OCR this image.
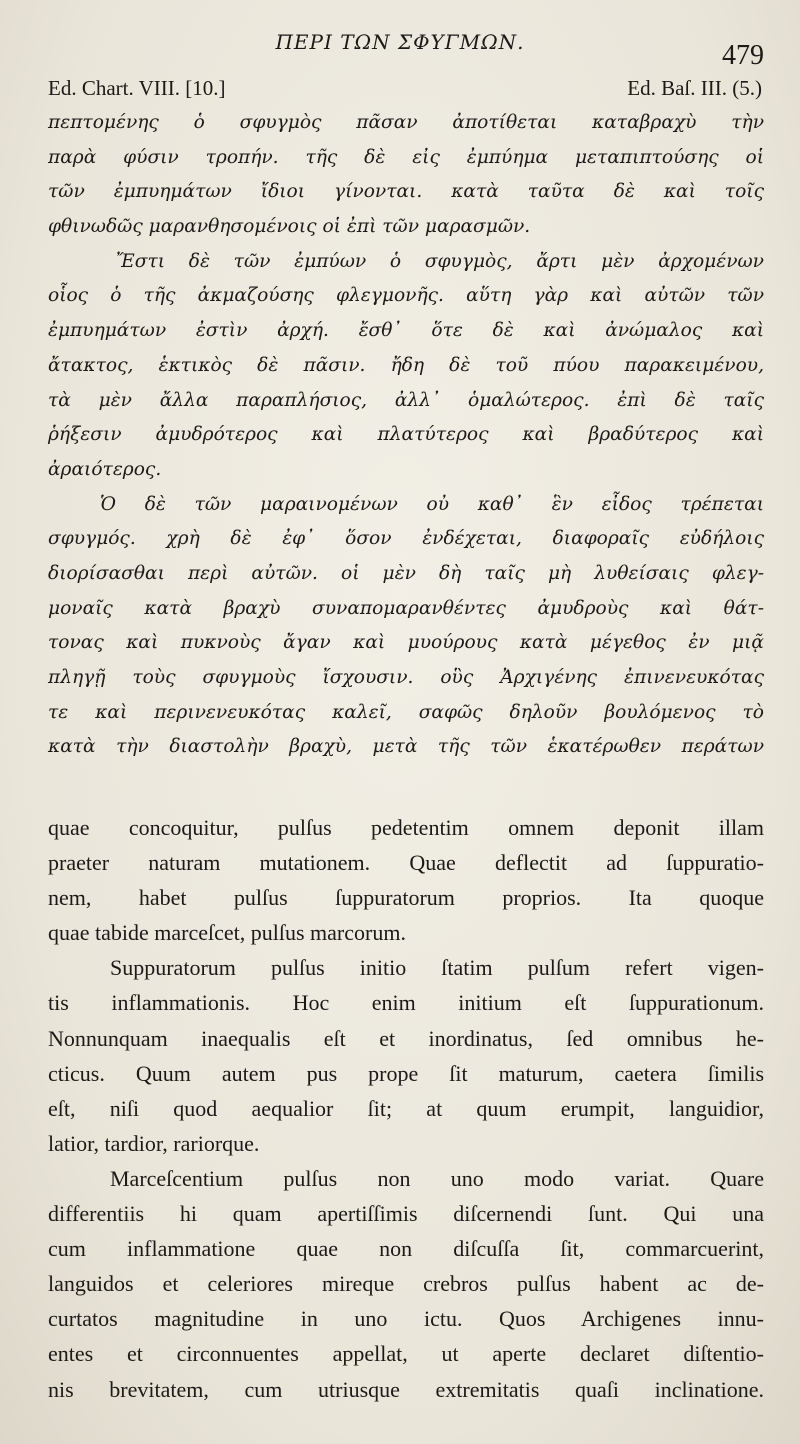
ΠΕΡΙ ΤΩΝ ΣΦΥΓΜΩΝ.	479
Ed. Chart. VIII. [10.]	Ed. Baſ. III. (5.)
πεπτομένης ὁ σφυγμὸς πᾶσαν ἀποτίθεται καταβραχὺ τὴν
παρὰ φύσιν τροπήν. τῆς δὲ εἰς ἐμπύημα μεταπιπτούσης οἱ
τῶν ἐμπυημάτων ἴδιοι γίνονται. κατὰ ταῦτα δὲ καὶ τοῖς
φθινωδῶς μαρανθησομένοις οἱ ἐπὶ τῶν μαρασμῶν.
Ἔστι δὲ τῶν ἐμπύων ὁ σφυγμὸς, ἄρτι μὲν ἀρχομένων
οἷος ὁ τῆς ἀκμαζούσης φλεγμονῆς. αὕτη γὰρ καὶ αὐτῶν τῶν
ἐμπυημάτων ἐστὶν ἀρχή. ἔσθ᾽ ὅτε δὲ καὶ ἀνώμαλος καὶ
ἄτακτος, ἑκτικὸς δὲ πᾶσιν. ἤδη δὲ τοῦ πύου παρακειμένου,
τὰ μὲν ἄλλα παραπλήσιος, ἀλλ᾽ ὁμαλώτερος. ἐπὶ δὲ ταῖς
ῥήξεσιν ἀμυδρότερος καὶ πλατύτερος καὶ βραδύτερος καὶ
ἀραιότερος.
Ὁ δὲ τῶν μαραινομένων οὐ καθ᾽ ἓν εἶδος τρέπεται
σφυγμός. χρὴ δὲ ἐφ᾽ ὅσον ἐνδέχεται, διαφοραῖς εὐδήλοις
διορίσασθαι περὶ αὐτῶν. οἱ μὲν δὴ ταῖς μὴ λυθείσαις φλεγ-
μοναῖς κατὰ βραχὺ συναπομαρανθέντες ἀμυδροὺς καὶ θάτ-
τονας καὶ πυκνοὺς ἄγαν καὶ μυούρους κατὰ μέγεθος ἐν μιᾷ
πληγῇ τοὺς σφυγμοὺς ἴσχουσιν. οὓς Ἀρχιγένης ἐπινενευκότας
τε καὶ περινενευκότας καλεῖ, σαφῶς δηλοῦν βουλόμενος τὸ
κατὰ τὴν διαστολὴν βραχὺ, μετὰ τῆς τῶν ἑκατέρωθεν περάτων
quae concoquitur, pulſus pedetentim omnem deponit illam
praeter naturam mutationem. Quae deflectit ad ſuppuratio-
nem, habet pulſus ſuppuratorum proprios. Ita quoque
quae tabide marceſcet, pulſus marcorum.
Suppuratorum pulſus initio ſtatim pulſum refert vigen-
tis inflammationis. Hoc enim initium eſt ſuppurationum.
Nonnunquam inaequalis eſt et inordinatus, ſed omnibus he-
cticus. Quum autem pus prope ſit maturum, caetera ſimilis
eſt, niſi quod aequalior ſit; at quum erumpit, languidior,
latior, tardior, rariorque.
Marceſcentium pulſus non uno modo variat. Quare
differentiis hi quam apertiſſimis diſcernendi ſunt. Qui una
cum inflammatione quae non diſcuſſa ſit, commarcuerint,
languidos et celeriores mireque crebros pulſus habent ac de-
curtatos magnitudine in uno ictu. Quos Archigenes innu-
entes et circonnuentes appellat, ut aperte declaret diſtentio-
nis brevitatem, cum utriusque extremitatis quaſi inclinatione.
